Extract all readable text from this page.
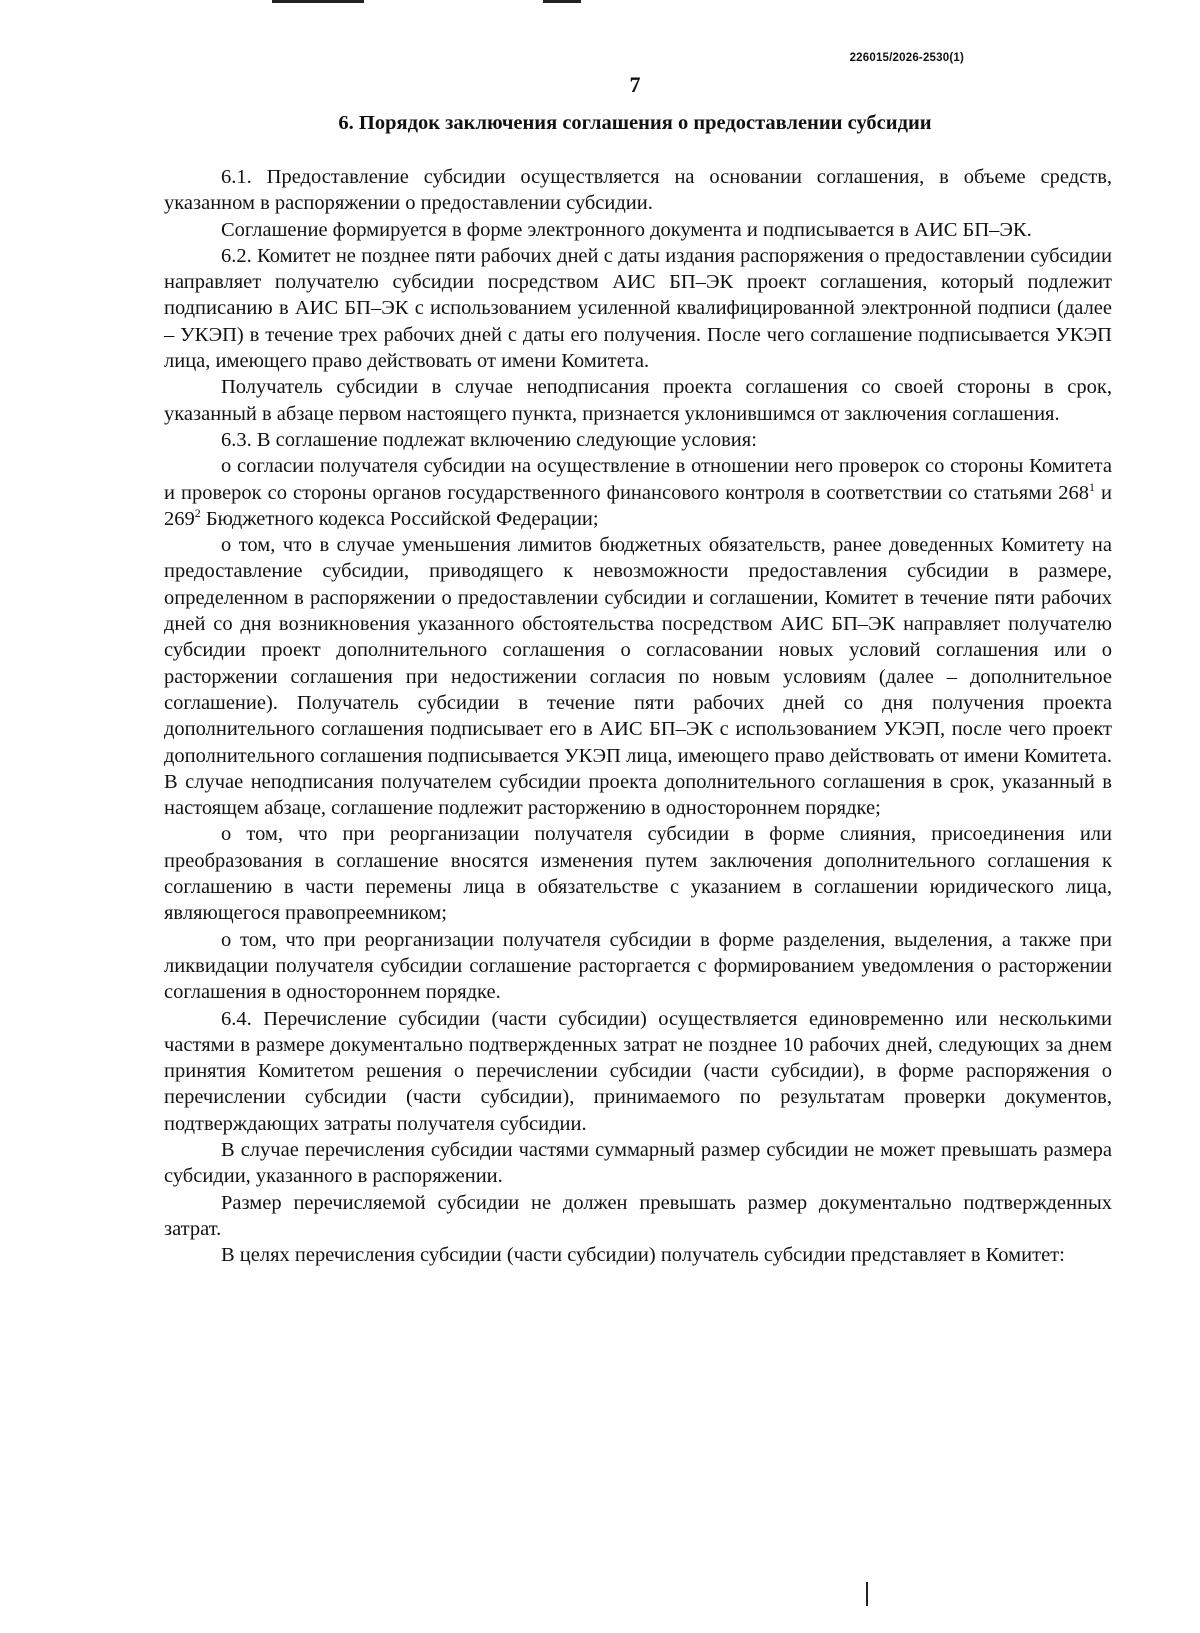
226015/2026-2530(1)
7
6. Порядок заключения соглашения о предоставлении субсидии

6.1. Предоставление субсидии осуществляется на основании соглашения, в объеме средств, указанном в распоряжении о предоставлении субсидии.

Соглашение формируется в форме электронного документа и подписывается в АИС БП–ЭК.

6.2. Комитет не позднее пяти рабочих дней с даты издания распоряжения о предоставлении субсидии направляет получателю субсидии посредством АИС БП–ЭК проект соглашения, который подлежит подписанию в АИС БП–ЭК с использованием усиленной квалифицированной электронной подписи (далее – УКЭП) в течение трех рабочих дней с даты его получения. После чего соглашение подписывается УКЭП лица, имеющего право действовать от имени Комитета.

Получатель субсидии в случае неподписания проекта соглашения со своей стороны в срок, указанный в абзаце первом настоящего пункта, признается уклонившимся от заключения соглашения.

6.3. В соглашение подлежат включению следующие условия:

о согласии получателя субсидии на осуществление в отношении него проверок со стороны Комитета и проверок со стороны органов государственного финансового контроля в соответствии со статьями $268^1$ и $269^2$ Бюджетного кодекса Российской Федерации;

о том, что в случае уменьшения лимитов бюджетных обязательств, ранее доведенных Комитету на предоставление субсидии, приводящего к невозможности предоставления субсидии в размере, определенном в распоряжении о предоставлении субсидии и соглашении, Комитет в течение пяти рабочих дней со дня возникновения указанного обстоятельства посредством АИС БП–ЭК направляет получателю субсидии проект дополнительного соглашения о согласовании новых условий соглашения или о расторжении соглашения при недостижении согласия по новым условиям (далее – дополнительное соглашение). Получатель субсидии в течение пяти рабочих дней со дня получения проекта дополнительного соглашения подписывает его в АИС БП–ЭК с использованием УКЭП, после чего проект дополнительного соглашения подписывается УКЭП лица, имеющего право действовать от имени Комитета. В случае неподписания получателем субсидии проекта дополнительного соглашения в срок, указанный в настоящем абзаце, соглашение подлежит расторжению в одностороннем порядке;

о том, что при реорганизации получателя субсидии в форме слияния, присоединения или преобразования в соглашение вносятся изменения путем заключения дополнительного соглашения к соглашению в части перемены лица в обязательстве с указанием в соглашении юридического лица, являющегося правопреемником;

о том, что при реорганизации получателя субсидии в форме разделения, выделения, а также при ликвидации получателя субсидии соглашение расторгается с формированием уведомления о расторжении соглашения в одностороннем порядке.

6.4. Перечисление субсидии (части субсидии) осуществляется единовременно или несколькими частями в размере документально подтвержденных затрат не позднее 10 рабочих дней, следующих за днем принятия Комитетом решения о перечислении субсидии (части субсидии), в форме распоряжения о перечислении субсидии (части субсидии), принимаемого по результатам проверки документов, подтверждающих затраты получателя субсидии.

В случае перечисления субсидии частями суммарный размер субсидии не может превышать размера субсидии, указанного в распоряжении.

Размер перечисляемой субсидии не должен превышать размер документально подтвержденных затрат.

В целях перечисления субсидии (части субсидии) получатель субсидии представляет в Комитет:
